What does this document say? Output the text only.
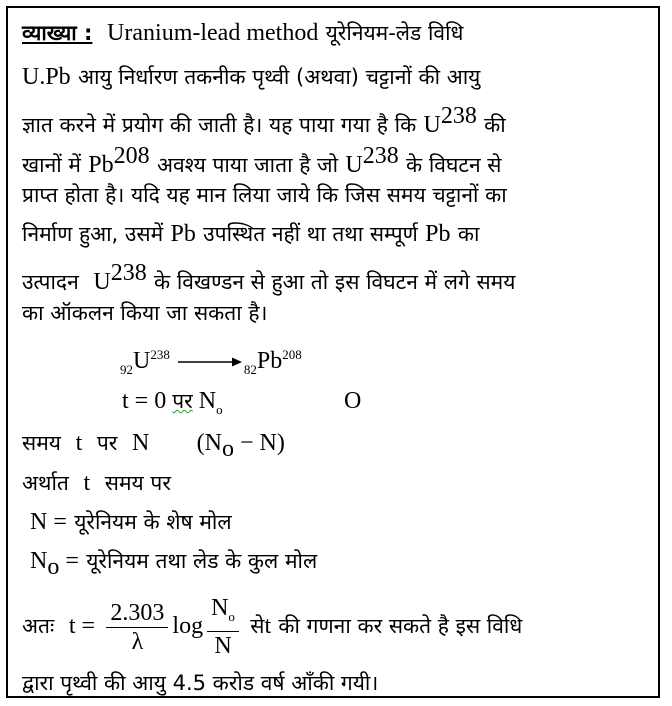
व्याख्या : Uranium-lead method यूरेनियम-लेड विधि
U.Pb आयु निर्धारण तकनीक पृथ्वी (अथवा) चट्टानों की आयु
ज्ञात करने में प्रयोग की जाती है। यह पाया गया है कि $U^{238}$ की
खानों में Pb$^{208}$ अवश्य पाया जाता है जो $U^{238}$ के विघटन से
प्राप्त होता है। यदि यह मान लिया जाये कि जिस समय चट्टानों का
निर्माण हुआ, उसमें Pb उपस्थित नहीं था तथा सम्पूर्ण Pb का
उत्पादन $U^{238}$ के विखण्डन से हुआ तो इस विघटन में लगे समय
का ऑकलन किया जा सकता है।
$_{92}U^{238}$ $_{82}Pb^{208}$
t = 0 पर $N_o$	O
समय t पर N $(N_o - N)$
अर्थात t समय पर
N = यूरेनियम के शेष मोल
$N_o$ = यूरेनियम तथा लेड के कुल मोल
अतः $t = \frac{2.303}{\lambda}$ $\log \frac{N_o}{N}$ सेt की गणना कर सकते है इस विधि
द्वारा पृथ्वी की आयु 4.5 करोड वर्ष आँकी गयी।
